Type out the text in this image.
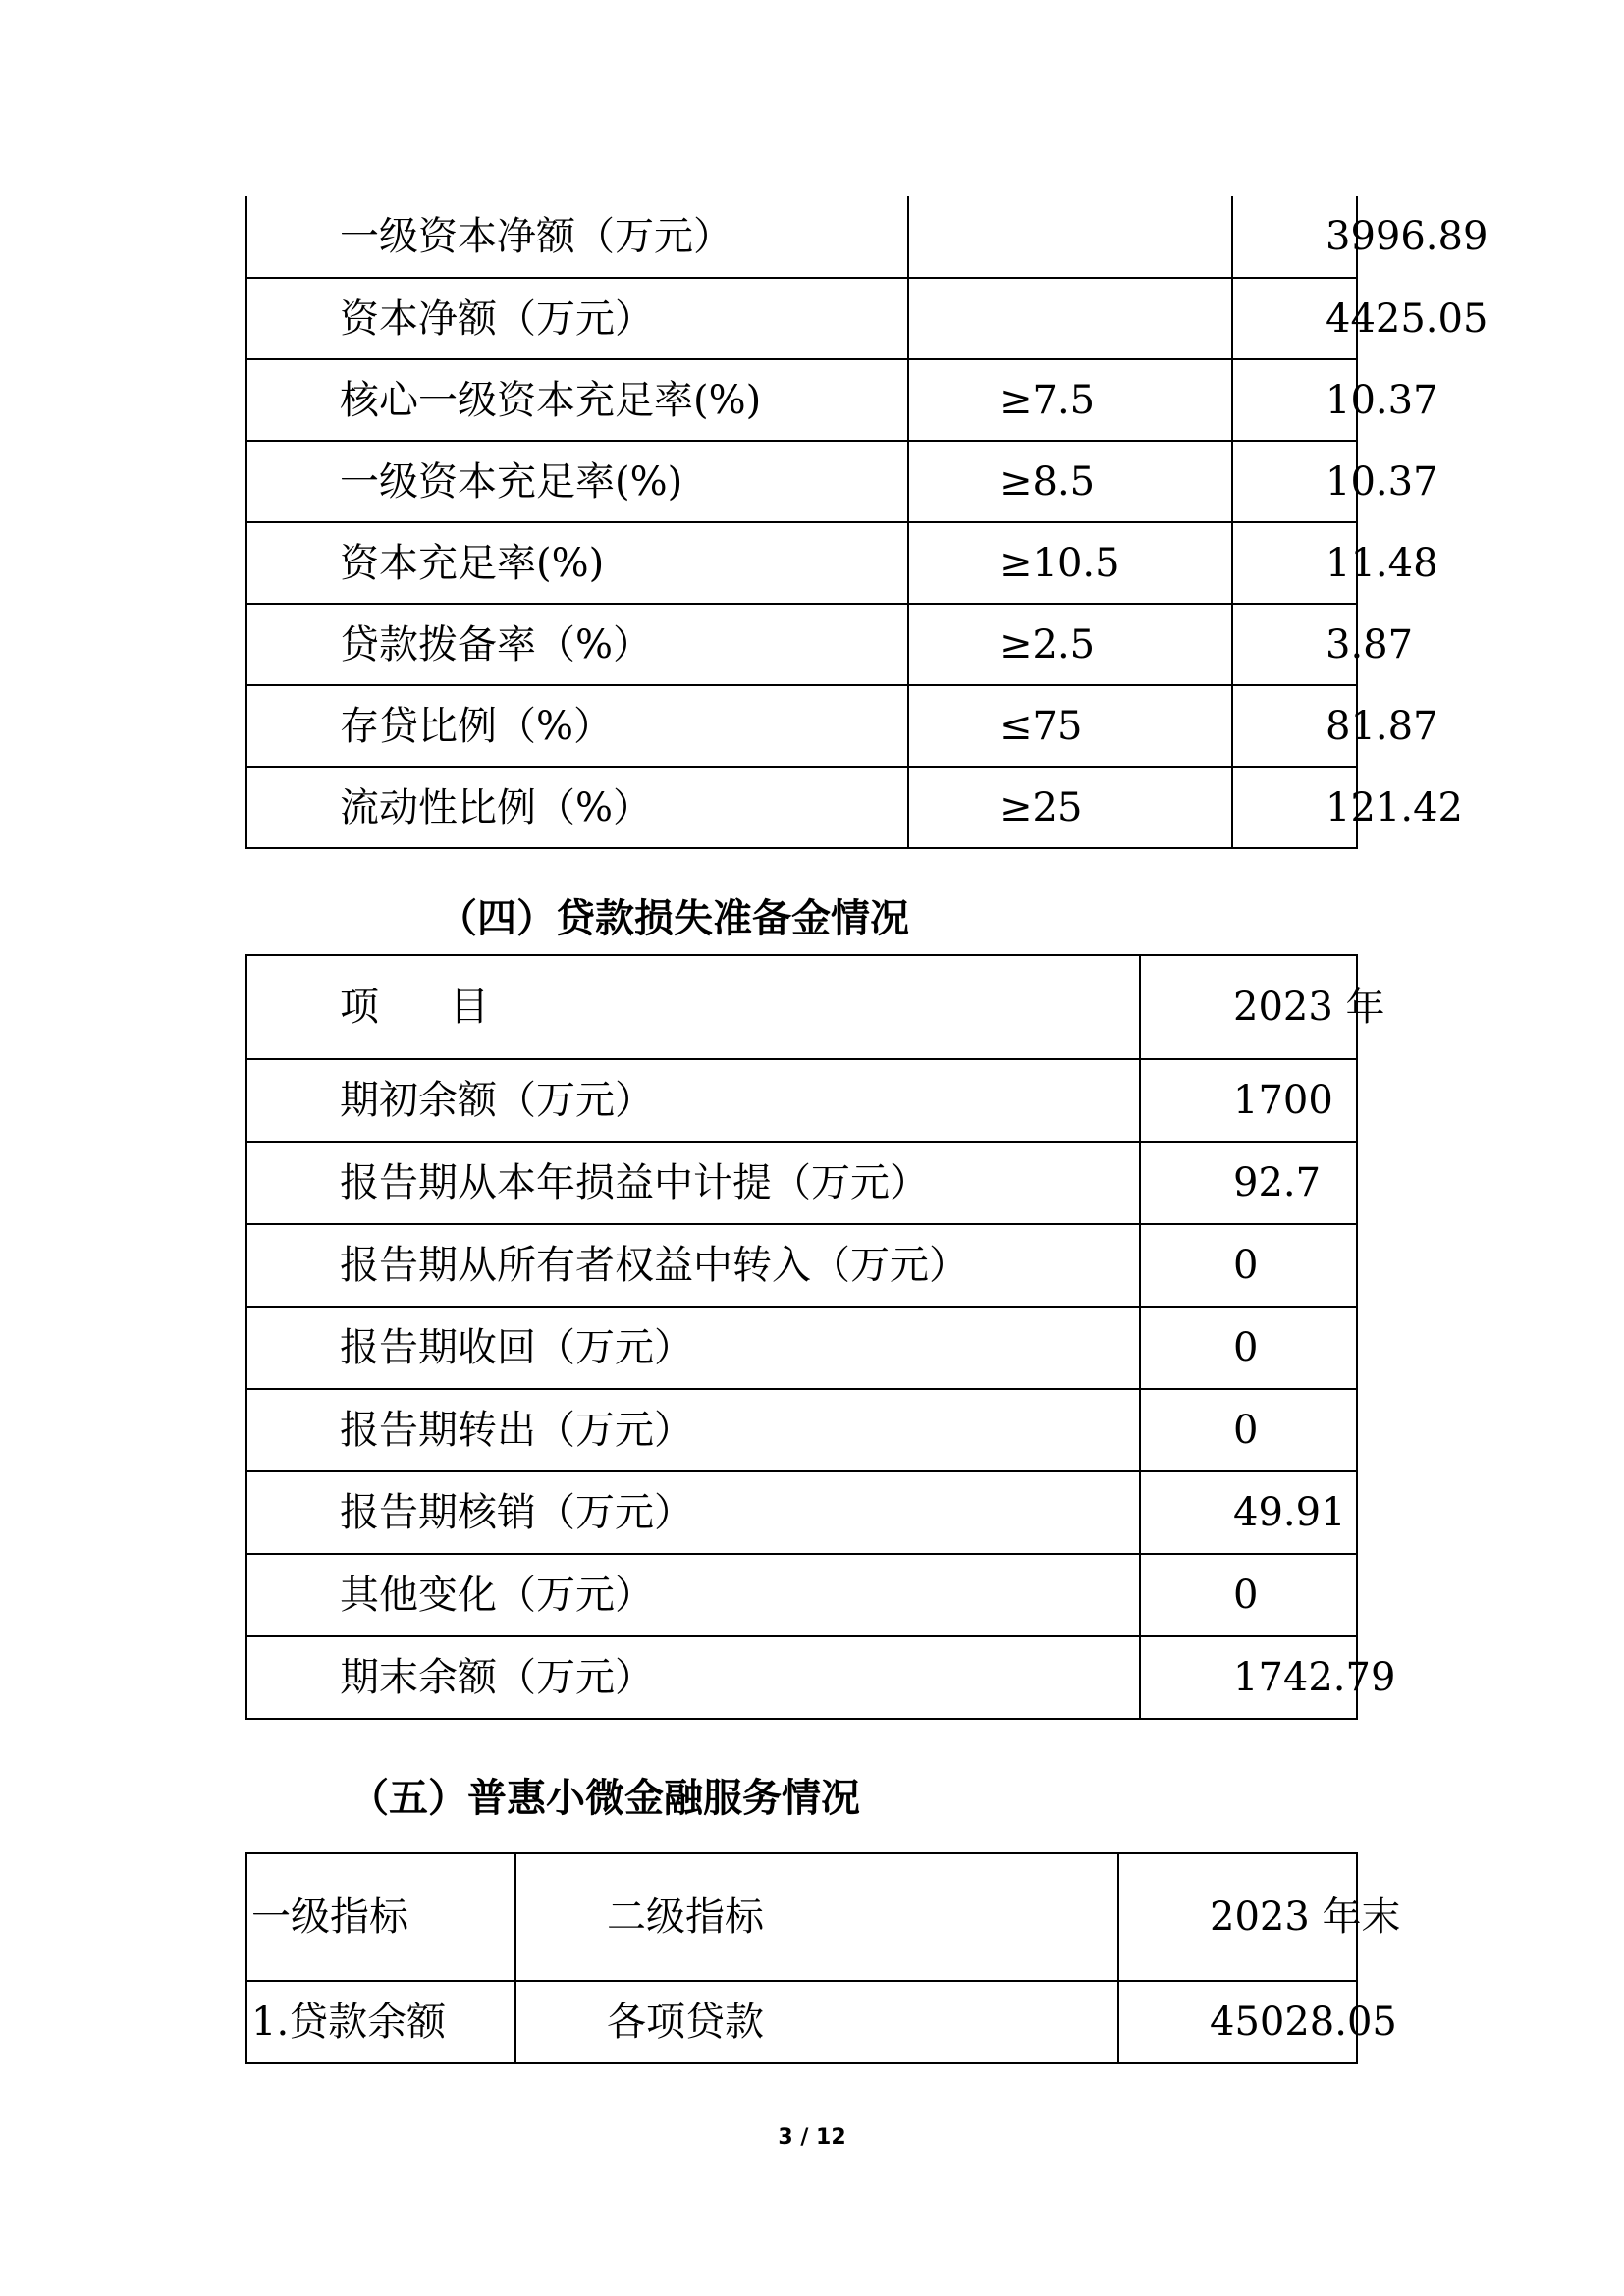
一级资本净额（万元）		3996.89
资本净额（万元）		4425.05
核心一级资本充足率(%)	≥7.5	10.37
一级资本充足率(%)	≥8.5	10.37
资本充足率(%)	≥10.5	11.48
贷款拨备率（%）	≥2.5	3.87
存贷比例（%）	≤75	81.87
流动性比例（%）	≥25	121.42
（四）贷款损失准备金情况
项 目	2023 年
期初余额（万元）	1700
报告期从本年损益中计提（万元）	92.7
报告期从所有者权益中转入（万元）	0
报告期收回（万元）	0
报告期转出（万元）	0
报告期核销（万元）	49.91
其他变化（万元）	0
期末余额（万元）	1742.79
（五）普惠小微金融服务情况
一级指标	二级指标	2023 年末
1.贷款余额	各项贷款	45028.05
3 / 12
